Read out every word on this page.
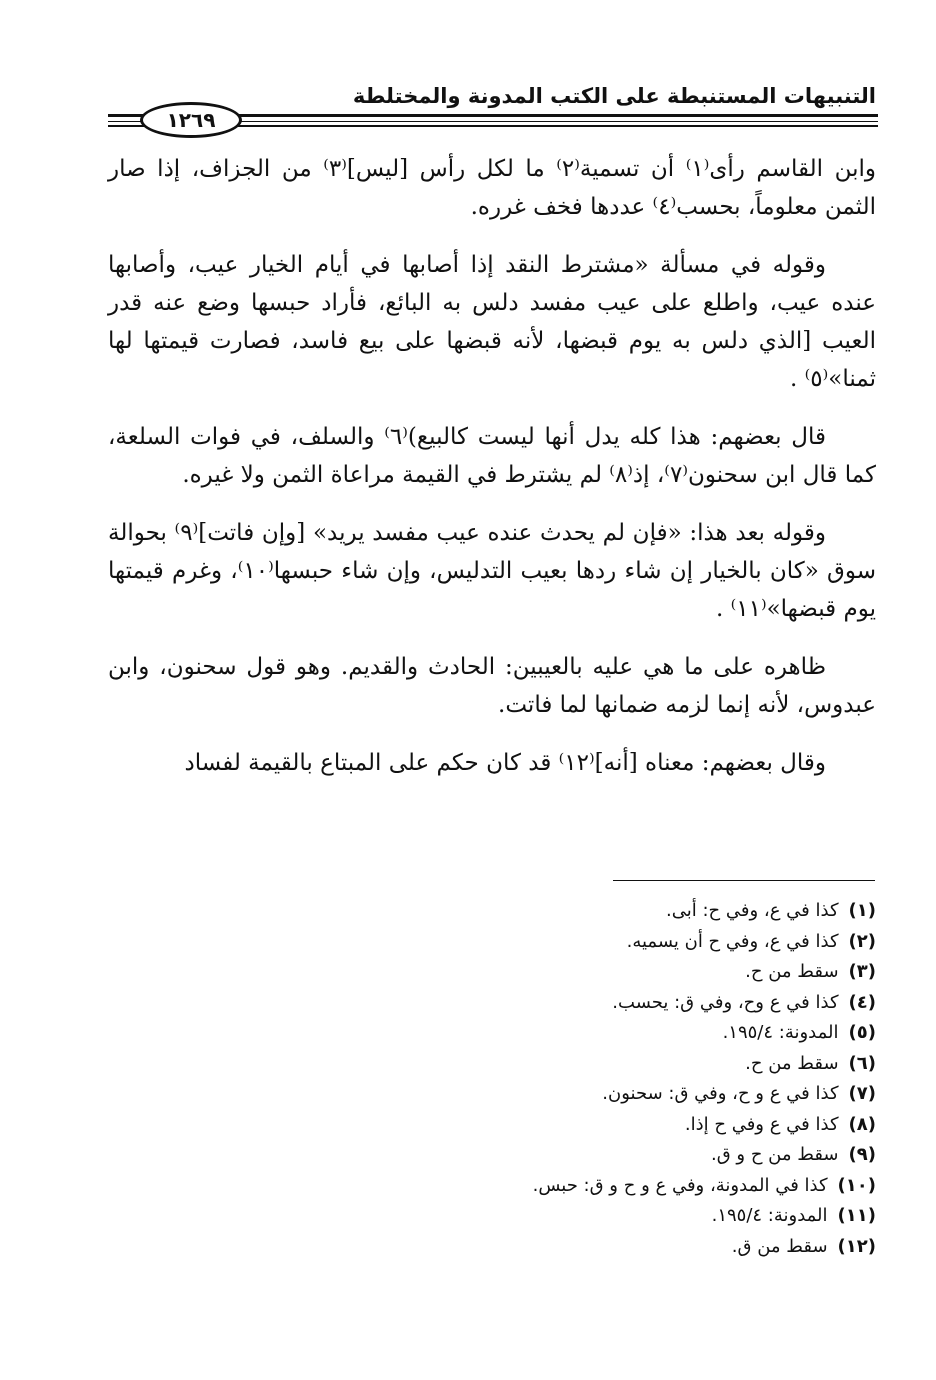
التنبيهات المستنبطة على الكتب المدونة والمختلطة
١٢٦٩

وابن القاسم رأى⁽١⁾ أن تسمية⁽٢⁾ ما لكل رأس [ليس]⁽٣⁾ من الجزاف، إذا صار الثمن معلوماً، بحسب⁽٤⁾ عددها فخف غرره.

وقوله في مسألة «مشترط النقد إذا أصابها في أيام الخيار عيب، وأصابها عنده عيب، واطلع على عيب مفسد دلس به البائع، فأراد حبسها وضع عنه قدر العيب [الذي دلس به يوم قبضها، لأنه قبضها على بيع فاسد، فصارت قيمتها لها ثمنا»⁽٥⁾ .

قال بعضهم: هذا كله يدل أنها ليست كالبيع)⁽٦⁾ والسلف، في فوات السلعة، كما قال ابن سحنون⁽٧⁾، إذ⁽٨⁾ لم يشترط في القيمة مراعاة الثمن ولا غيره.

وقوله بعد هذا: «فإن لم يحدث عنده عيب مفسد يريد» [وإن فاتت]⁽٩⁾ بحوالة سوق «كان بالخيار إن شاء ردها بعيب التدليس، وإن شاء حبسها⁽١٠⁾، وغرم قيمتها يوم قبضها»⁽١١⁾ .

ظاهره على ما هي عليه بالعيبين: الحادث والقديم. وهو قول سحنون، وابن عبدوس، لأنه إنما لزمه ضمانها لما فاتت.

وقال بعضهم: معناه [أنه]⁽١٢⁾ قد كان حكم على المبتاع بالقيمة لفساد

(١)كذا في ع، وفي ح: أبى.
(٢)كذا في ع، وفي ح أن يسميه.
(٣)سقط من ح.
(٤)كذا في ع وح، وفي ق: يحسب.
(٥)المدونة: ١٩٥/٤.
(٦)سقط من ح.
(٧)كذا في ع و ح، وفي ق: سحنون.
(٨)كذا في ع وفي ح إذا.
(٩)سقط من ح و ق.
(١٠)كذا في المدونة، وفي ع و ح و ق: حبس.
(١١)المدونة: ١٩٥/٤.
(١٢)سقط من ق.
